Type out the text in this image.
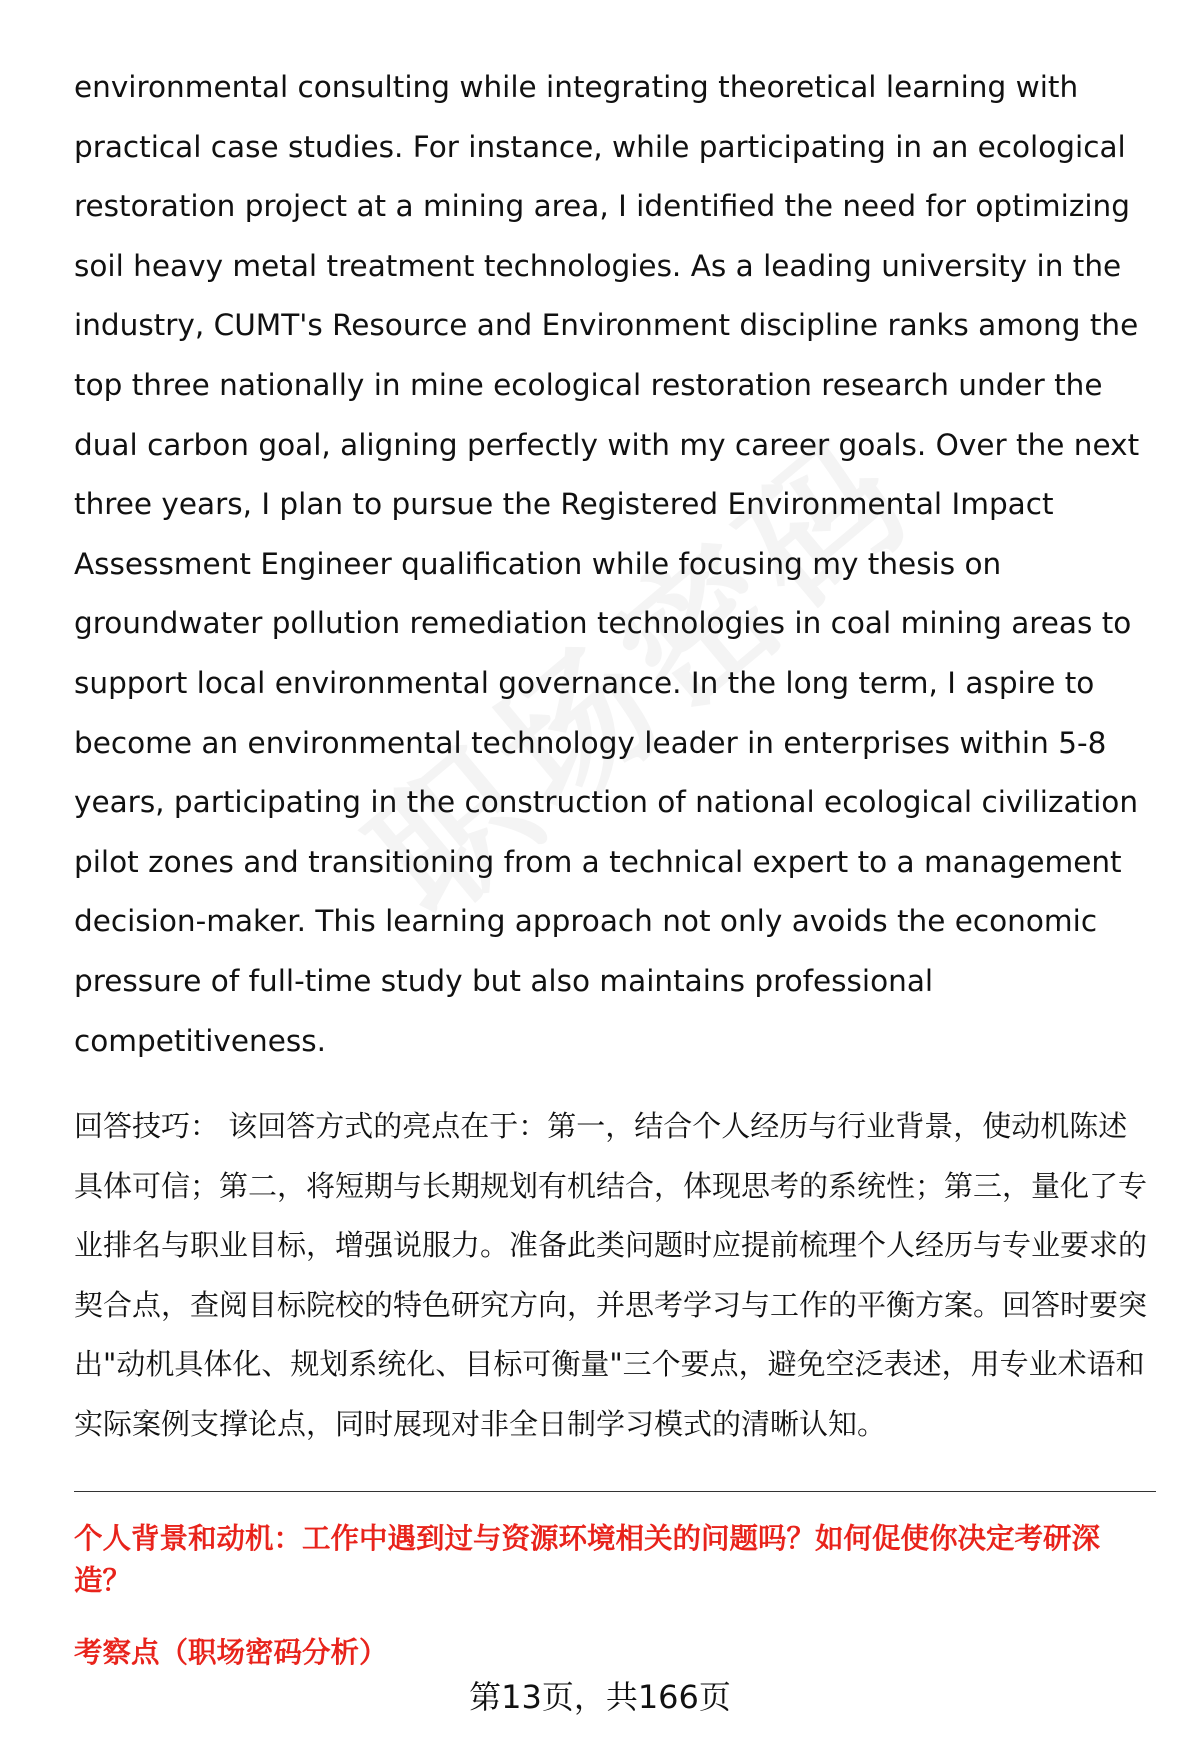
environmental consulting while integrating theoretical learning with practical case studies. For instance, while participating in an ecological restoration project at a mining area, I identified the need for optimizing soil heavy metal treatment technologies. As a leading university in the industry, CUMT's Resource and Environment discipline ranks among the top three nationally in mine ecological restoration research under the dual carbon goal, aligning perfectly with my career goals. Over the next three years, I plan to pursue the Registered Environmental Impact Assessment Engineer qualification while focusing my thesis on groundwater pollution remediation technologies in coal mining areas to support local environmental governance. In the long term, I aspire to become an environmental technology leader in enterprises within 5-8 years, participating in the construction of national ecological civilization pilot zones and transitioning from a technical expert to a management decision-maker. This learning approach not only avoids the economic pressure of full-time study but also maintains professional competitiveness.

回答技巧： 该回答方式的亮点在于：第一，结合个人经历与行业背景，使动机陈述具体可信；第二，将短期与长期规划有机结合，体现思考的系统性；第三，量化了专业排名与职业目标，增强说服力。准备此类问题时应提前梳理个人经历与专业要求的契合点，查阅目标院校的特色研究方向，并思考学习与工作的平衡方案。回答时要突出"动机具体化、规划系统化、目标可衡量"三个要点，避免空泛表述，用专业术语和实际案例支撑论点，同时展现对非全日制学习模式的清晰认知。

个人背景和动机：工作中遇到过与资源环境相关的问题吗？如何促使你决定考研深造？
考察点（职场密码分析）
第13页，共166页
